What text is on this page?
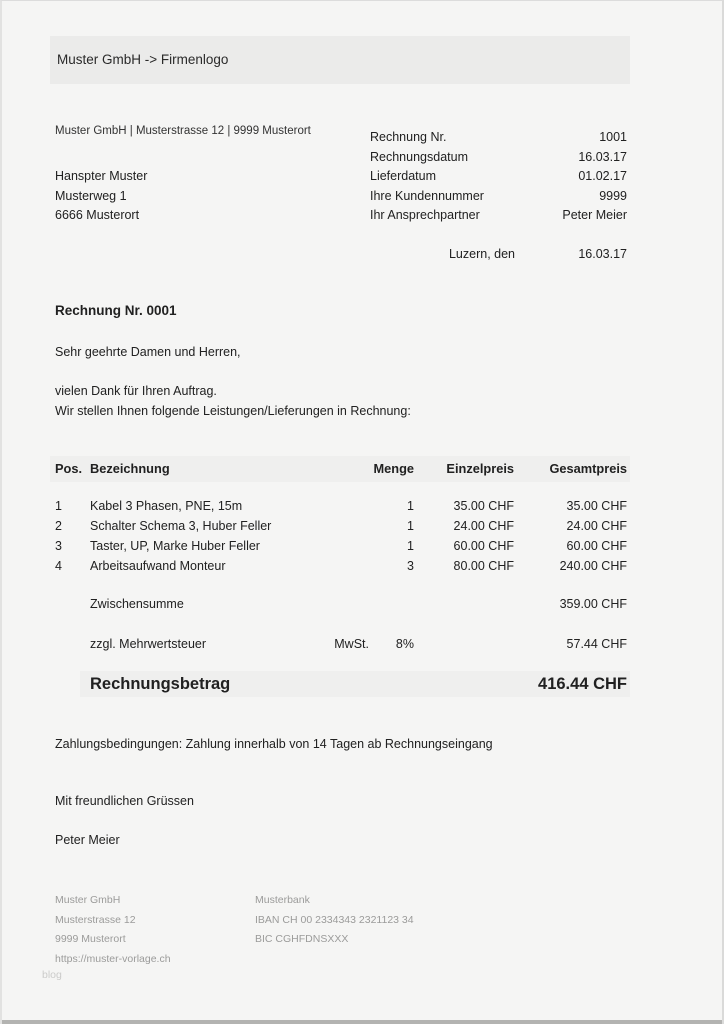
Muster GmbH -> Firmenlogo
Muster GmbH | Musterstrasse 12 | 9999 Musterort
Hanspter Muster
Musterweg 1
6666 Musterort
Rechnung Nr.	1001
Rechnungsdatum	16.03.17
Lieferdatum	01.02.17
Ihre Kundennummer	9999
Ihr Ansprechpartner	Peter Meier
Luzern, den	16.03.17
Rechnung Nr. 0001
Sehr geehrte Damen und Herren,
vielen Dank für Ihren Auftrag.
Wir stellen Ihnen folgende Leistungen/Lieferungen in Rechnung:
Pos. Bezeichnung	Menge	Einzelpreis	Gesamtpreis
1	Kabel 3 Phasen, PNE, 15m	1	35.00 CHF	35.00 CHF
2	Schalter Schema 3, Huber Feller	1	24.00 CHF	24.00 CHF
3	Taster, UP, Marke Huber Feller	1	60.00 CHF	60.00 CHF
4	Arbeitsaufwand Monteur	3	80.00 CHF	240.00 CHF
Zwischensumme	359.00 CHF
zzgl. Mehrwertsteuer	MwSt.	8%	57.44 CHF
Rechnungsbetrag	416.44 CHF
Zahlungsbedingungen: Zahlung innerhalb von 14 Tagen ab Rechnungseingang
Mit freundlichen Grüssen
Peter Meier
Muster GmbH
Musterstrasse 12
9999 Musterort
https://muster-vorlage.ch
Musterbank
IBAN CH 00 2334343 2321123 34
BIC CGHFDNSXXX
blog
